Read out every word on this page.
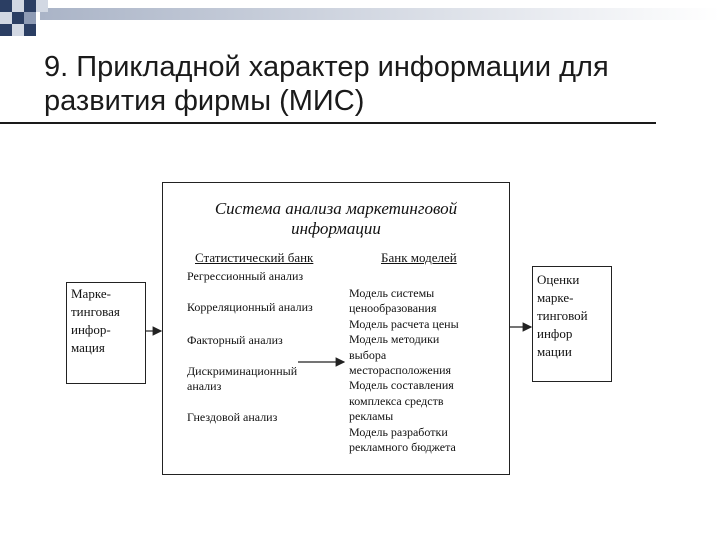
9. Прикладной характер информации для
развития фирмы (МИС)
Марке-
тинговая
инфор-
мация
Система анализа маркетинговой
информации
Статистический банк	Банк моделей
Регрессионный анализ
Корреляционный анализ
Факторный анализ
Дискриминационный
анализ
Гнездовой анализ
Модель системы
ценообразования
Модель расчета цены
Модель методики
выбора
месторасположения
Модель составления
комплекса средств
рекламы
Модель разработки
рекламного бюджета
Оценки
марке-
тинговой
инфор
мации
